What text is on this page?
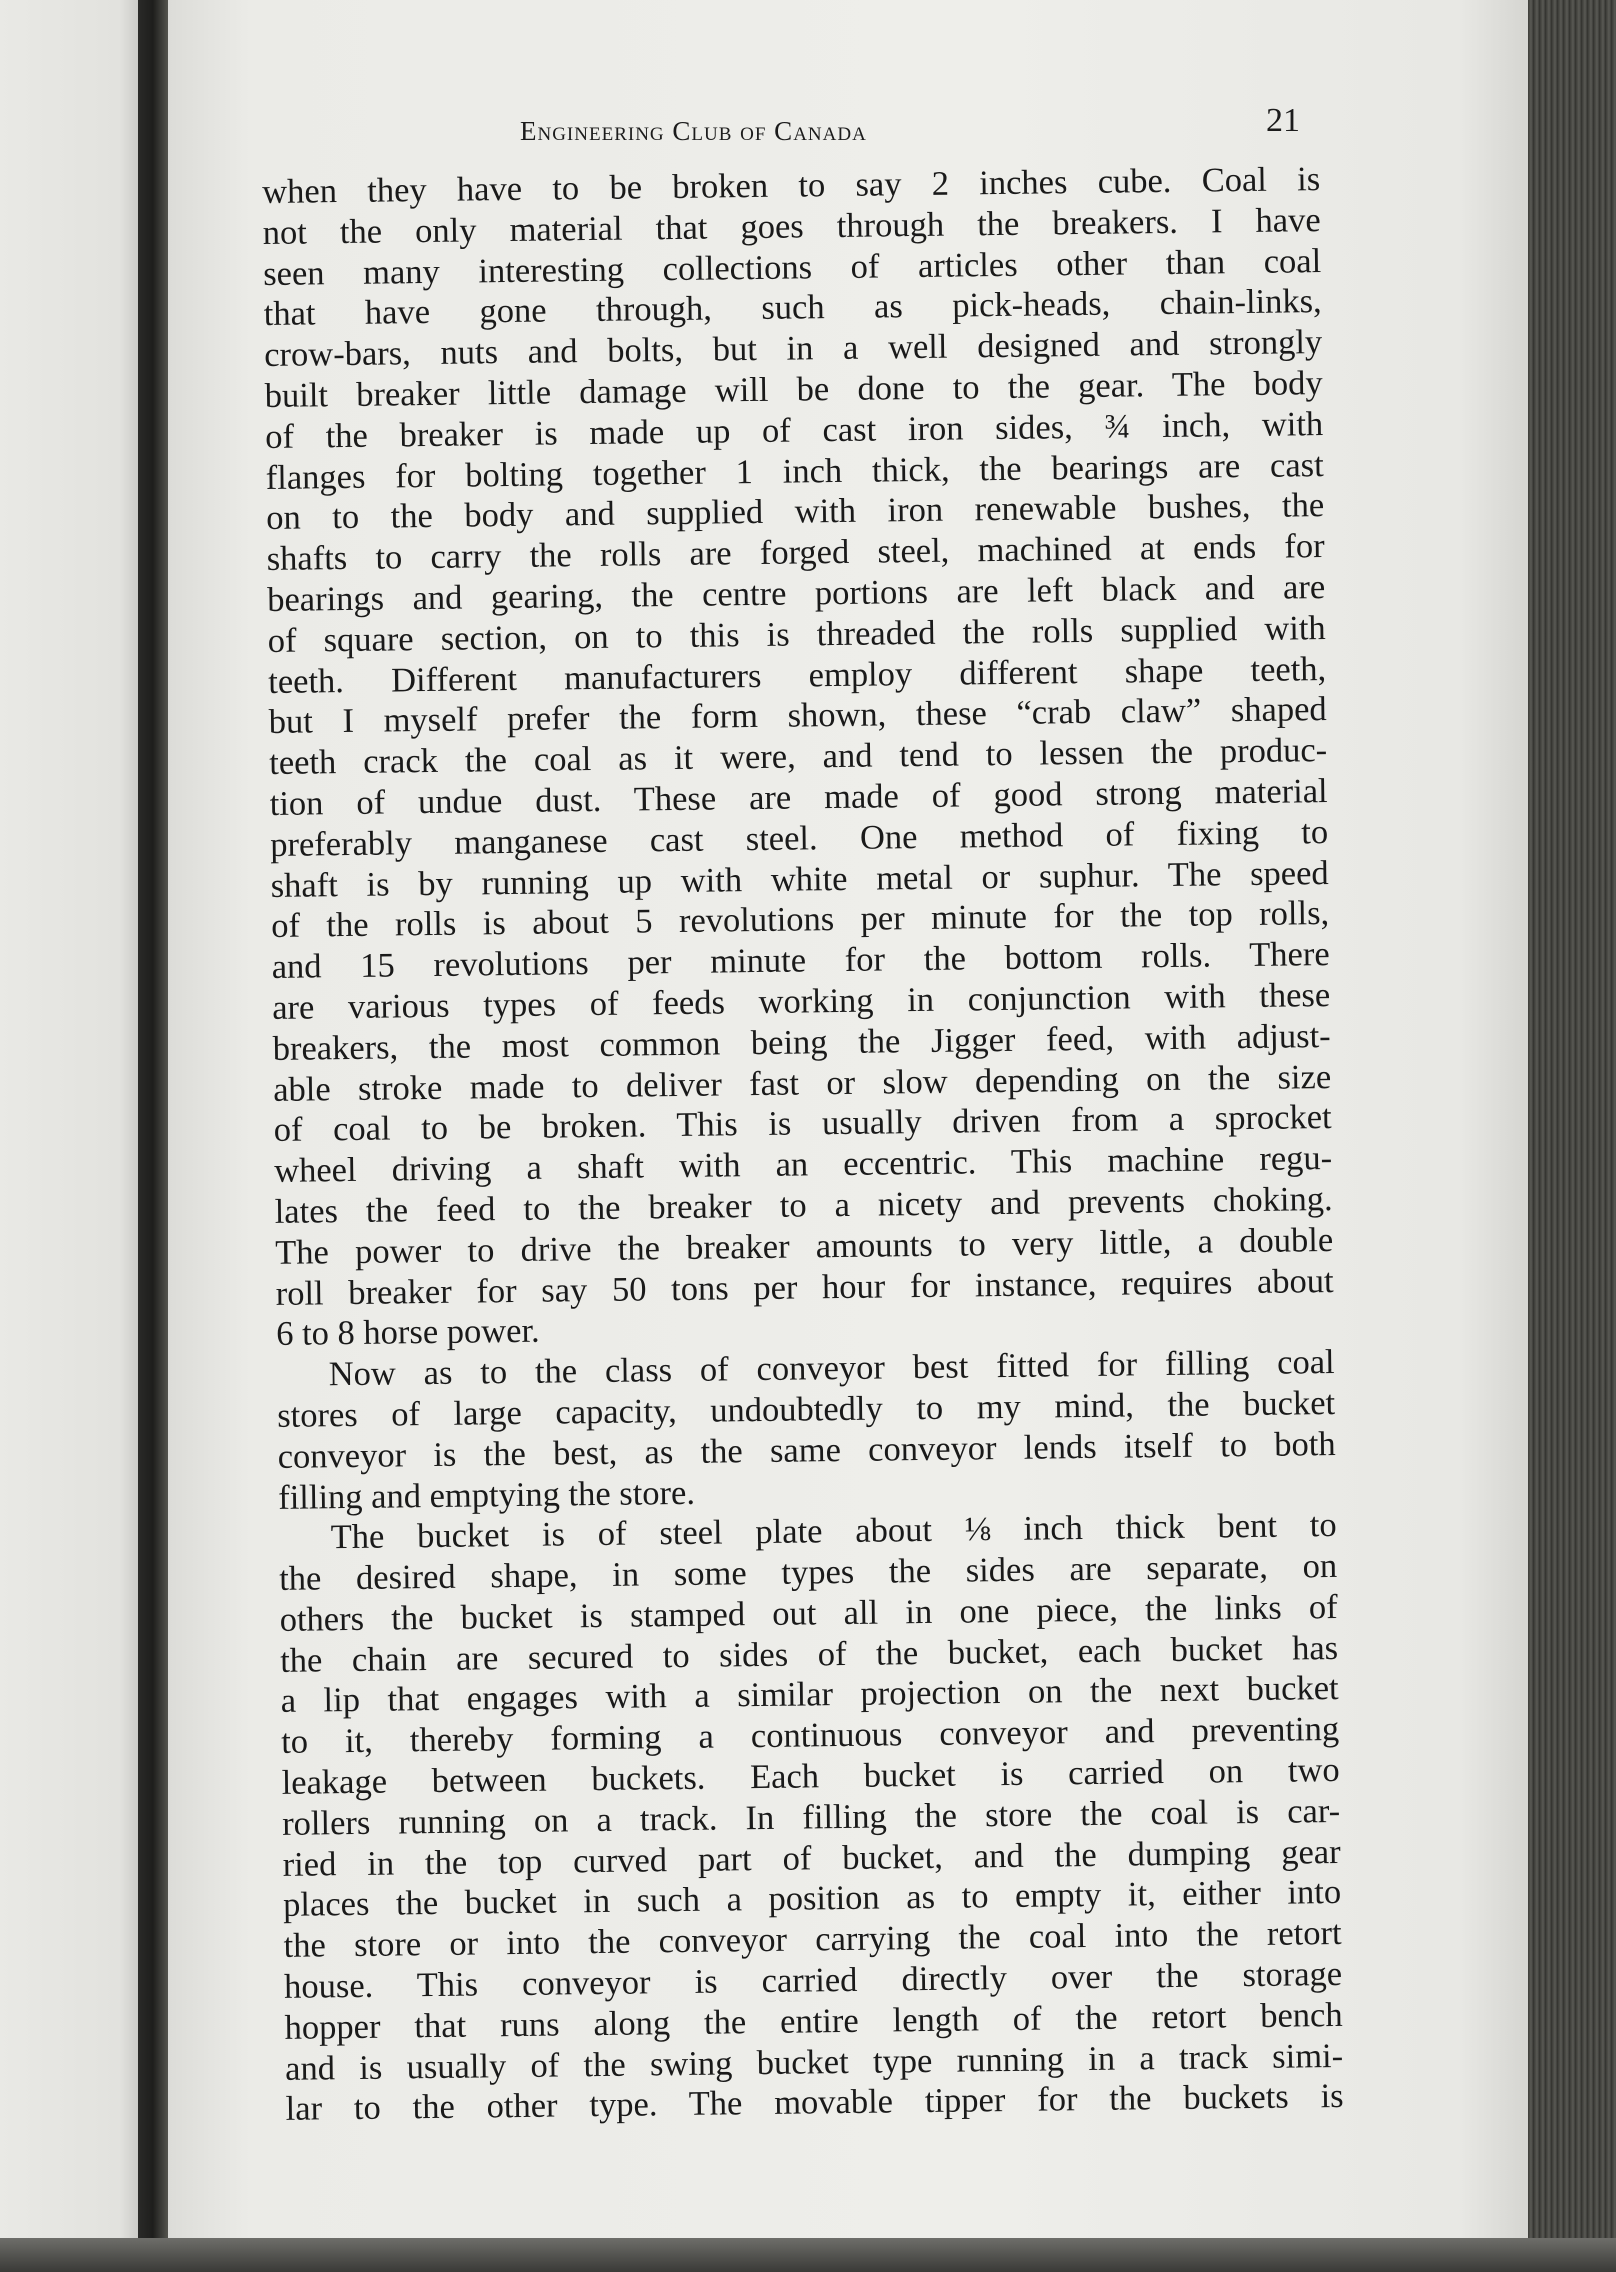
Engineering Club of Canada	21
when they have to be broken to say 2 inches cube. Coal is
not the only material that goes through the breakers. I have
seen many interesting collections of articles other than coal
that have gone through, such as pick-heads, chain-links,
crow-bars, nuts and bolts, but in a well designed and strongly
built breaker little damage will be done to the gear. The body
of the breaker is made up of cast iron sides, ¾ inch, with
flanges for bolting together 1 inch thick, the bearings are cast
on to the body and supplied with iron renewable bushes, the
shafts to carry the rolls are forged steel, machined at ends for
bearings and gearing, the centre portions are left black and are
of square section, on to this is threaded the rolls supplied with
teeth. Different manufacturers employ different shape teeth,
but I myself prefer the form shown, these “crab claw” shaped
teeth crack the coal as it were, and tend to lessen the produc-
tion of undue dust. These are made of good strong material
preferably manganese cast steel. One method of fixing to
shaft is by running up with white metal or suphur. The speed
of the rolls is about 5 revolutions per minute for the top rolls,
and 15 revolutions per minute for the bottom rolls. There
are various types of feeds working in conjunction with these
breakers, the most common being the Jigger feed, with adjust-
able stroke made to deliver fast or slow depending on the size
of coal to be broken. This is usually driven from a sprocket
wheel driving a shaft with an eccentric. This machine regu-
lates the feed to the breaker to a nicety and prevents choking.
The power to drive the breaker amounts to very little, a double
roll breaker for say 50 tons per hour for instance, requires about
6 to 8 horse power.
Now as to the class of conveyor best fitted for filling coal
stores of large capacity, undoubtedly to my mind, the bucket
conveyor is the best, as the same conveyor lends itself to both
filling and emptying the store.
The bucket is of steel plate about ⅛ inch thick bent to
the desired shape, in some types the sides are separate, on
others the bucket is stamped out all in one piece, the links of
the chain are secured to sides of the bucket, each bucket has
a lip that engages with a similar projection on the next bucket
to it, thereby forming a continuous conveyor and preventing
leakage between buckets. Each bucket is carried on two
rollers running on a track. In filling the store the coal is car-
ried in the top curved part of bucket, and the dumping gear
places the bucket in such a position as to empty it, either into
the store or into the conveyor carrying the coal into the retort
house. This conveyor is carried directly over the storage
hopper that runs along the entire length of the retort bench
and is usually of the swing bucket type running in a track simi-
lar to the other type. The movable tipper for the buckets is
